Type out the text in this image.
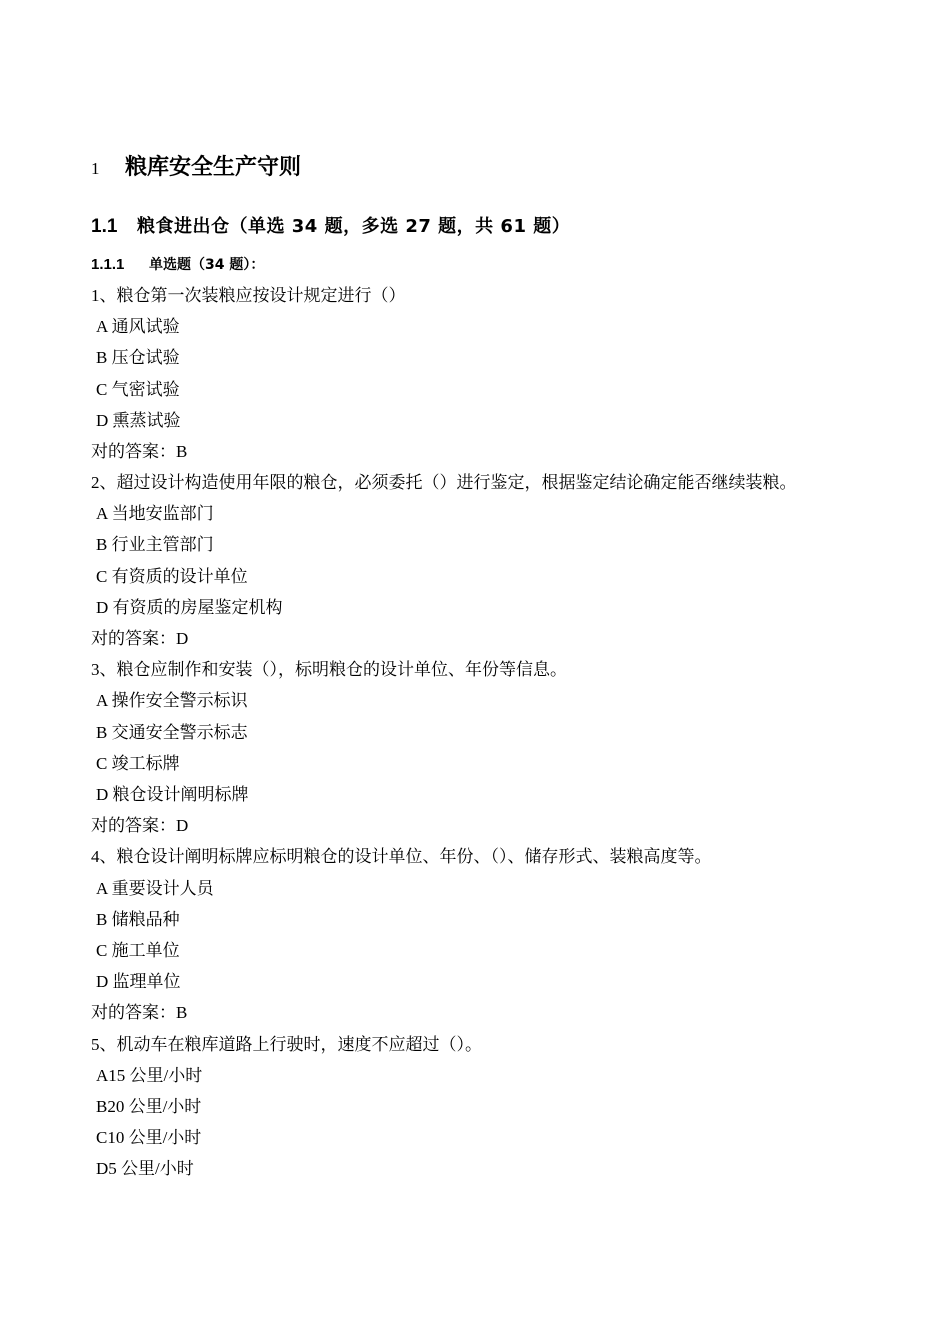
1	粮库安全生产守则
1.1	粮食进出仓（单选 34 题，多选 27 题，共 61 题）
1.1.1	单选题（34 题）：
1、粮仓第一次装粮应按设计规定进行（）
A 通风试验
B 压仓试验
C 气密试验
D 熏蒸试验
对的答案：B
2、超过设计构造使用年限的粮仓，必须委托（）进行鉴定，根据鉴定结论确定能否继续装粮。
A 当地安监部门
B 行业主管部门
C 有资质的设计单位
D 有资质的房屋鉴定机构
对的答案：D
3、粮仓应制作和安装（），标明粮仓的设计单位、年份等信息。
A 操作安全警示标识
B 交通安全警示标志
C 竣工标牌
D 粮仓设计阐明标牌
对的答案：D
4、粮仓设计阐明标牌应标明粮仓的设计单位、年份、（）、储存形式、装粮高度等。
A 重要设计人员
B 储粮品种
C 施工单位
D 监理单位
对的答案：B
5、机动车在粮库道路上行驶时，速度不应超过（）。
A15 公里/小时
B20 公里/小时
C10 公里/小时
D5 公里/小时
